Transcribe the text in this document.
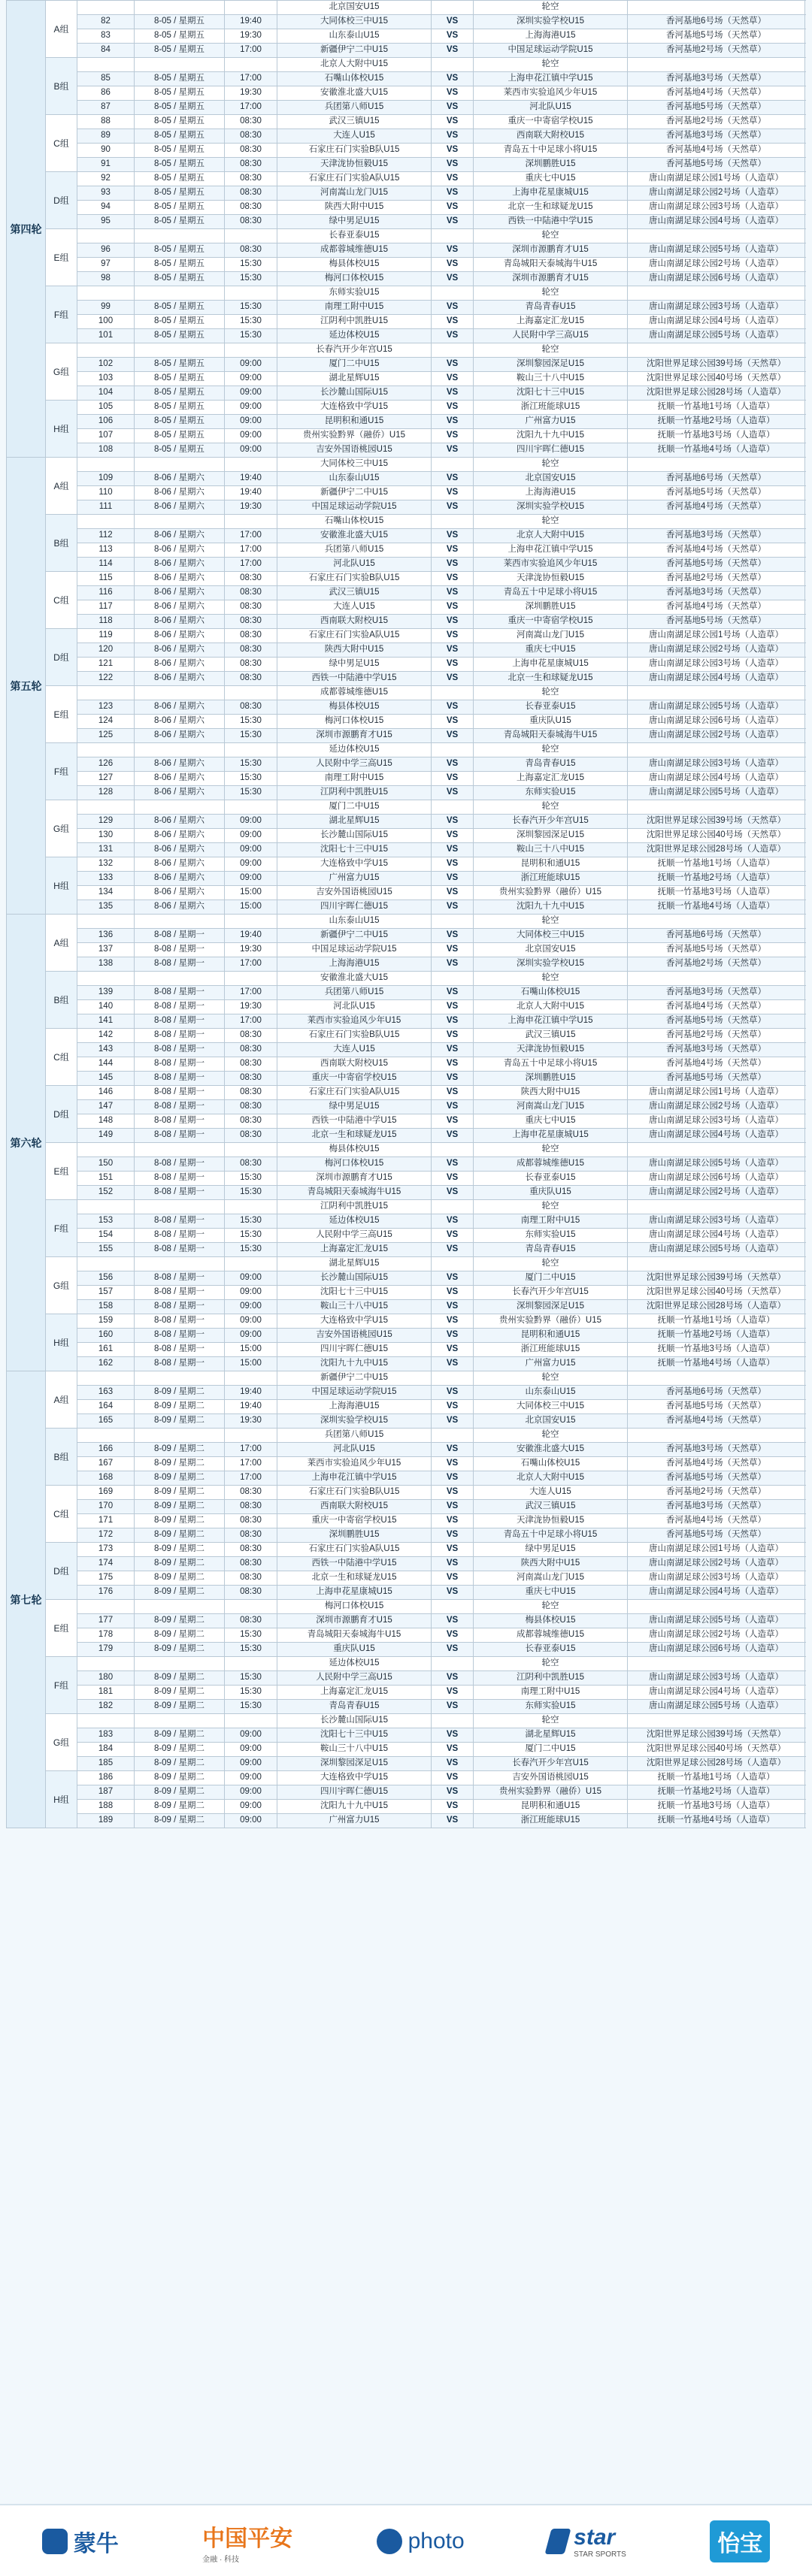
第四轮	A组				北京国安U15		轮空	
		82	8-05 / 星期五	19:40	大同体校三中U15	VS	深圳实验学校U15	香河基地6号场（天然草）
		83	8-05 / 星期五	19:30	山东泰山U15	VS	上海海港U15	香河基地5号场（天然草）
		84	8-05 / 星期五	17:00	新疆伊宁二中U15	VS	中国足球运动学院U15	香河基地2号场（天然草）
	B组				北京人大附中U15		轮空	
		85	8-05 / 星期五	17:00	石嘴山体校U15	VS	上海申花江镇中学U15	香河基地3号场（天然草）
		86	8-05 / 星期五	19:30	安徽淮北盛大U15	VS	莱西市实验追风少年U15	香河基地4号场（天然草）
		87	8-05 / 星期五	17:00	兵团第八师U15	VS	河北队U15	香河基地5号场（天然草）
	C组	88	8-05 / 星期五	08:30	武汉三镇U15	VS	重庆一中寄宿学校U15	香河基地2号场（天然草）
		89	8-05 / 星期五	08:30	大连人U15	VS	西南联大附校U15	香河基地3号场（天然草）
		90	8-05 / 星期五	08:30	石家庄石门实验B队U15	VS	青岛五十中足球小将U15	香河基地4号场（天然草）
		91	8-05 / 星期五	08:30	天津泷协恒毅U15	VS	深圳鹏胜U15	香河基地5号场（天然草）
	D组	92	8-05 / 星期五	08:30	石家庄石门实验A队U15	VS	重庆七中U15	唐山南湖足球公园1号场（人造草）
		93	8-05 / 星期五	08:30	河南嵩山龙门U15	VS	上海申花星康城U15	唐山南湖足球公园2号场（人造草）
		94	8-05 / 星期五	08:30	陕西大附中U15	VS	北京一生和球疑龙U15	唐山南湖足球公园3号场（人造草）
		95	8-05 / 星期五	08:30	绿中男足U15	VS	西铁一中陆港中学U15	唐山南湖足球公园4号场（人造草）
	E组				长春亚泰U15		轮空	
		96	8-05 / 星期五	08:30	成都蓉城维德U15	VS	深圳市源鹏育才U15	唐山南湖足球公园5号场（人造草）
		97	8-05 / 星期五	15:30	梅县体校U15	VS	青岛城阳天泰城海牛U15	唐山南湖足球公园2号场（人造草）
		98	8-05 / 星期五	15:30	梅河口体校U15	VS	深圳市源鹏育才U15	唐山南湖足球公园6号场（人造草）
	F组				东师实验U15		轮空	
		99	8-05 / 星期五	15:30	南理工附中U15	VS	青岛青春U15	唐山南湖足球公园3号场（人造草）
		100	8-05 / 星期五	15:30	江阴利中凯胜U15	VS	上海嘉定汇龙U15	唐山南湖足球公园4号场（人造草）
		101	8-05 / 星期五	15:30	延边体校U15	VS	人民附中学三高U15	唐山南湖足球公园5号场（人造草）
	G组				长春汽开少年宫U15		轮空	
		102	8-05 / 星期五	09:00	厦门二中U15	VS	深圳黎园深足U15	沈阳世界足球公园39号场（天然草）
		103	8-05 / 星期五	09:00	湖北星辉U15	VS	鞍山三十八中U15	沈阳世界足球公园40号场（天然草）
		104	8-05 / 星期五	09:00	长沙麓山国际U15	VS	沈阳七十三中U15	沈阳世界足球公园28号场（人造草）
	H组	105	8-05 / 星期五	09:00	大连格致中学U15	VS	浙江班能球U15	抚顺一竹基地1号场（人造草）
		106	8-05 / 星期五	09:00	昆明积和通U15	VS	广州富力U15	抚顺一竹基地2号场（人造草）
		107	8-05 / 星期五	09:00	贵州实验黔界（融侨）U15	VS	沈阳九十九中U15	抚顺一竹基地3号场（人造草）
		108	8-05 / 星期五	09:00	吉安外国语桃园U15	VS	四川宇晖仁德U15	抚顺一竹基地4号场（人造草）
第五轮	A组				大同体校三中U15		轮空	
		109	8-06 / 星期六	19:40	山东泰山U15	VS	北京国安U15	香河基地6号场（天然草）
		110	8-06 / 星期六	19:40	新疆伊宁二中U15	VS	上海海港U15	香河基地5号场（天然草）
		111	8-06 / 星期六	19:30	中国足球运动学院U15	VS	深圳实验学校U15	香河基地4号场（天然草）
	B组				石嘴山体校U15		轮空	
		112	8-06 / 星期六	17:00	安徽淮北盛大U15	VS	北京人大附中U15	香河基地3号场（天然草）
		113	8-06 / 星期六	17:00	兵团第八师U15	VS	上海申花江镇中学U15	香河基地4号场（天然草）
		114	8-06 / 星期六	17:00	河北队U15	VS	莱西市实验追风少年U15	香河基地5号场（天然草）
	C组	115	8-06 / 星期六	08:30	石家庄石门实验B队U15	VS	天津泷协恒毅U15	香河基地2号场（天然草）
		116	8-06 / 星期六	08:30	武汉三镇U15	VS	青岛五十中足球小将U15	香河基地3号场（天然草）
		117	8-06 / 星期六	08:30	大连人U15	VS	深圳鹏胜U15	香河基地4号场（天然草）
		118	8-06 / 星期六	08:30	西南联大附校U15	VS	重庆一中寄宿学校U15	香河基地5号场（天然草）
	D组	119	8-06 / 星期六	08:30	石家庄石门实验A队U15	VS	河南嵩山龙门U15	唐山南湖足球公园1号场（人造草）
		120	8-06 / 星期六	08:30	陕西大附中U15	VS	重庆七中U15	唐山南湖足球公园2号场（人造草）
		121	8-06 / 星期六	08:30	绿中男足U15	VS	上海申花星康城U15	唐山南湖足球公园3号场（人造草）
		122	8-06 / 星期六	08:30	西铁一中陆港中学U15	VS	北京一生和球疑龙U15	唐山南湖足球公园4号场（人造草）
	E组				成都蓉城维德U15		轮空	
		123	8-06 / 星期六	08:30	梅县体校U15	VS	长春亚泰U15	唐山南湖足球公园5号场（人造草）
		124	8-06 / 星期六	15:30	梅河口体校U15	VS	重庆队U15	唐山南湖足球公园6号场（人造草）
		125	8-06 / 星期六	15:30	深圳市源鹏育才U15	VS	青岛城阳天泰城海牛U15	唐山南湖足球公园2号场（人造草）
	F组				延边体校U15		轮空	
		126	8-06 / 星期六	15:30	人民附中学三高U15	VS	青岛青春U15	唐山南湖足球公园3号场（人造草）
		127	8-06 / 星期六	15:30	南理工附中U15	VS	上海嘉定汇龙U15	唐山南湖足球公园4号场（人造草）
		128	8-06 / 星期六	15:30	江阴利中凯胜U15	VS	东师实验U15	唐山南湖足球公园5号场（人造草）
	G组				厦门二中U15		轮空	
		129	8-06 / 星期六	09:00	湖北星辉U15	VS	长春汽开少年宫U15	沈阳世界足球公园39号场（天然草）
		130	8-06 / 星期六	09:00	长沙麓山国际U15	VS	深圳黎园深足U15	沈阳世界足球公园40号场（天然草）
		131	8-06 / 星期六	09:00	沈阳七十三中U15	VS	鞍山三十八中U15	沈阳世界足球公园28号场（人造草）
	H组	132	8-06 / 星期六	09:00	大连格致中学U15	VS	昆明积和通U15	抚顺一竹基地1号场（人造草）
		133	8-06 / 星期六	09:00	广州富力U15	VS	浙江班能球U15	抚顺一竹基地2号场（人造草）
		134	8-06 / 星期六	15:00	吉安外国语桃园U15	VS	贵州实验黔界（融侨）U15	抚顺一竹基地3号场（人造草）
		135	8-06 / 星期六	15:00	四川宇晖仁德U15	VS	沈阳九十九中U15	抚顺一竹基地4号场（人造草）
第六轮	A组				山东泰山U15		轮空	
		136	8-08 / 星期一	19:40	新疆伊宁二中U15	VS	大同体校三中U15	香河基地6号场（天然草）
		137	8-08 / 星期一	19:30	中国足球运动学院U15	VS	北京国安U15	香河基地5号场（天然草）
		138	8-08 / 星期一	17:00	上海海港U15	VS	深圳实验学校U15	香河基地2号场（天然草）
	B组				安徽淮北盛大U15		轮空	
		139	8-08 / 星期一	17:00	兵团第八师U15	VS	石嘴山体校U15	香河基地3号场（天然草）
		140	8-08 / 星期一	19:30	河北队U15	VS	北京人大附中U15	香河基地4号场（天然草）
		141	8-08 / 星期一	17:00	莱西市实验追风少年U15	VS	上海申花江镇中学U15	香河基地5号场（天然草）
	C组	142	8-08 / 星期一	08:30	石家庄石门实验B队U15	VS	武汉三镇U15	香河基地2号场（天然草）
		143	8-08 / 星期一	08:30	大连人U15	VS	天津泷协恒毅U15	香河基地3号场（天然草）
		144	8-08 / 星期一	08:30	西南联大附校U15	VS	青岛五十中足球小将U15	香河基地4号场（天然草）
		145	8-08 / 星期一	08:30	重庆一中寄宿学校U15	VS	深圳鹏胜U15	香河基地5号场（天然草）
	D组	146	8-08 / 星期一	08:30	石家庄石门实验A队U15	VS	陕西大附中U15	唐山南湖足球公园1号场（人造草）
		147	8-08 / 星期一	08:30	绿中男足U15	VS	河南嵩山龙门U15	唐山南湖足球公园2号场（人造草）
		148	8-08 / 星期一	08:30	西铁一中陆港中学U15	VS	重庆七中U15	唐山南湖足球公园3号场（人造草）
		149	8-08 / 星期一	08:30	北京一生和球疑龙U15	VS	上海申花星康城U15	唐山南湖足球公园4号场（人造草）
	E组				梅县体校U15		轮空	
		150	8-08 / 星期一	08:30	梅河口体校U15	VS	成都蓉城维德U15	唐山南湖足球公园5号场（人造草）
		151	8-08 / 星期一	15:30	深圳市源鹏育才U15	VS	长春亚泰U15	唐山南湖足球公园6号场（人造草）
		152	8-08 / 星期一	15:30	青岛城阳天泰城海牛U15	VS	重庆队U15	唐山南湖足球公园2号场（人造草）
	F组				江阴利中凯胜U15		轮空	
		153	8-08 / 星期一	15:30	延边体校U15	VS	南理工附中U15	唐山南湖足球公园3号场（人造草）
		154	8-08 / 星期一	15:30	人民附中学三高U15	VS	东师实验U15	唐山南湖足球公园4号场（人造草）
		155	8-08 / 星期一	15:30	上海嘉定汇龙U15	VS	青岛青春U15	唐山南湖足球公园5号场（人造草）
	G组				湖北星辉U15		轮空	
		156	8-08 / 星期一	09:00	长沙麓山国际U15	VS	厦门二中U15	沈阳世界足球公园39号场（天然草）
		157	8-08 / 星期一	09:00	沈阳七十三中U15	VS	长春汽开少年宫U15	沈阳世界足球公园40号场（天然草）
		158	8-08 / 星期一	09:00	鞍山三十八中U15	VS	深圳黎园深足U15	沈阳世界足球公园28号场（人造草）
	H组	159	8-08 / 星期一	09:00	大连格致中学U15	VS	贵州实验黔界（融侨）U15	抚顺一竹基地1号场（人造草）
		160	8-08 / 星期一	09:00	吉安外国语桃园U15	VS	昆明积和通U15	抚顺一竹基地2号场（人造草）
		161	8-08 / 星期一	15:00	四川宇晖仁德U15	VS	浙江班能球U15	抚顺一竹基地3号场（人造草）
		162	8-08 / 星期一	15:00	沈阳九十九中U15	VS	广州富力U15	抚顺一竹基地4号场（人造草）
第七轮	A组				新疆伊宁二中U15		轮空	
		163	8-09 / 星期二	19:40	中国足球运动学院U15	VS	山东泰山U15	香河基地6号场（天然草）
		164	8-09 / 星期二	19:40	上海海港U15	VS	大同体校三中U15	香河基地5号场（天然草）
		165	8-09 / 星期二	19:30	深圳实验学校U15	VS	北京国安U15	香河基地4号场（天然草）
	B组				兵团第八师U15		轮空	
		166	8-09 / 星期二	17:00	河北队U15	VS	安徽淮北盛大U15	香河基地3号场（天然草）
		167	8-09 / 星期二	17:00	莱西市实验追风少年U15	VS	石嘴山体校U15	香河基地4号场（天然草）
		168	8-09 / 星期二	17:00	上海申花江镇中学U15	VS	北京人大附中U15	香河基地5号场（天然草）
	C组	169	8-09 / 星期二	08:30	石家庄石门实验B队U15	VS	大连人U15	香河基地2号场（天然草）
		170	8-09 / 星期二	08:30	西南联大附校U15	VS	武汉三镇U15	香河基地3号场（天然草）
		171	8-09 / 星期二	08:30	重庆一中寄宿学校U15	VS	天津泷协恒毅U15	香河基地4号场（天然草）
		172	8-09 / 星期二	08:30	深圳鹏胜U15	VS	青岛五十中足球小将U15	香河基地5号场（天然草）
	D组	173	8-09 / 星期二	08:30	石家庄石门实验A队U15	VS	绿中男足U15	唐山南湖足球公园1号场（人造草）
		174	8-09 / 星期二	08:30	西铁一中陆港中学U15	VS	陕西大附中U15	唐山南湖足球公园2号场（人造草）
		175	8-09 / 星期二	08:30	北京一生和球疑龙U15	VS	河南嵩山龙门U15	唐山南湖足球公园3号场（人造草）
		176	8-09 / 星期二	08:30	上海申花星康城U15	VS	重庆七中U15	唐山南湖足球公园4号场（人造草）
	E组				梅河口体校U15		轮空	
		177	8-09 / 星期二	08:30	深圳市源鹏育才U15	VS	梅县体校U15	唐山南湖足球公园5号场（人造草）
		178	8-09 / 星期二	15:30	青岛城阳天泰城海牛U15	VS	成都蓉城维德U15	唐山南湖足球公园2号场（人造草）
		179	8-09 / 星期二	15:30	重庆队U15	VS	长春亚泰U15	唐山南湖足球公园6号场（人造草）
	F组				延边体校U15		轮空	
		180	8-09 / 星期二	15:30	人民附中学三高U15	VS	江阴利中凯胜U15	唐山南湖足球公园3号场（人造草）
		181	8-09 / 星期二	15:30	上海嘉定汇龙U15	VS	南理工附中U15	唐山南湖足球公园4号场（人造草）
		182	8-09 / 星期二	15:30	青岛青春U15	VS	东师实验U15	唐山南湖足球公园5号场（人造草）
	G组				长沙麓山国际U15		轮空	
		183	8-09 / 星期二	09:00	沈阳七十三中U15	VS	湖北星辉U15	沈阳世界足球公园39号场（天然草）
		184	8-09 / 星期二	09:00	鞍山三十八中U15	VS	厦门二中U15	沈阳世界足球公园40号场（天然草）
		185	8-09 / 星期二	09:00	深圳黎园深足U15	VS	长春汽开少年宫U15	沈阳世界足球公园28号场（人造草）
	H组	186	8-09 / 星期二	09:00	大连格致中学U15	VS	吉安外国语桃园U15	抚顺一竹基地1号场（人造草）
		187	8-09 / 星期二	09:00	四川宇晖仁德U15	VS	贵州实验黔界（融侨）U15	抚顺一竹基地2号场（人造草）
		188	8-09 / 星期二	09:00	沈阳九十九中U15	VS	昆明积和通U15	抚顺一竹基地3号场（人造草）
		189	8-09 / 星期二	09:00	广州富力U15	VS	浙江班能球U15	抚顺一竹基地4号场（人造草）
蒙牛	中国平安
金融 · 科技
photo	star
STAR SPORTS	怡宝
